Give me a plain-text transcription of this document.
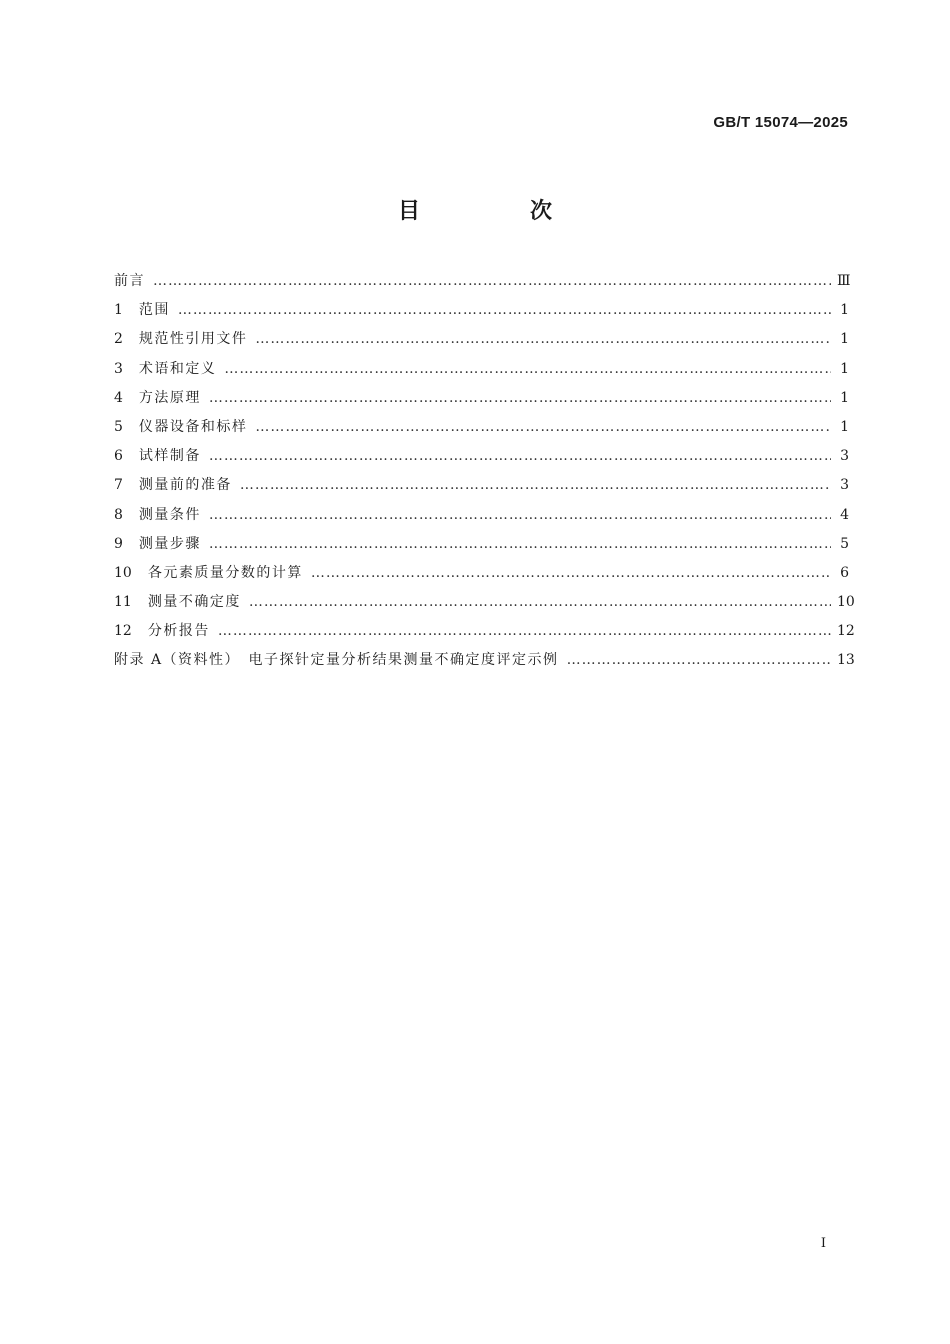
GB/T 15074—2025
目　次
前言 ……………………………………………………………………………………………………………………………………………………………………………………………………………………	Ⅲ
1 范围 ……………………………………………………………………………………………………………………………………………………………………………………………………………………	1
2 规范性引用文件 ……………………………………………………………………………………………………………………………………………………………………………………………………………………	1
3 术语和定义 ……………………………………………………………………………………………………………………………………………………………………………………………………………………	1
4 方法原理 ……………………………………………………………………………………………………………………………………………………………………………………………………………………	1
5 仪器设备和标样 ……………………………………………………………………………………………………………………………………………………………………………………………………………………	1
6 试样制备 ……………………………………………………………………………………………………………………………………………………………………………………………………………………	3
7 测量前的准备 ……………………………………………………………………………………………………………………………………………………………………………………………………………………	3
8 测量条件 ……………………………………………………………………………………………………………………………………………………………………………………………………………………	4
9 测量步骤 ……………………………………………………………………………………………………………………………………………………………………………………………………………………	5
10 各元素质量分数的计算 ……………………………………………………………………………………………………………………………………………………………………………………………………………………	6
11 测量不确定度 ……………………………………………………………………………………………………………………………………………………………………………………………………………………	10
12 分析报告 ……………………………………………………………………………………………………………………………………………………………………………………………………………………	12
附录 A（资料性）　电子探针定量分析结果测量不确定度评定示例 ……………………………………………………………………………………………………………………………………………………………………………………………………………………	13
I
